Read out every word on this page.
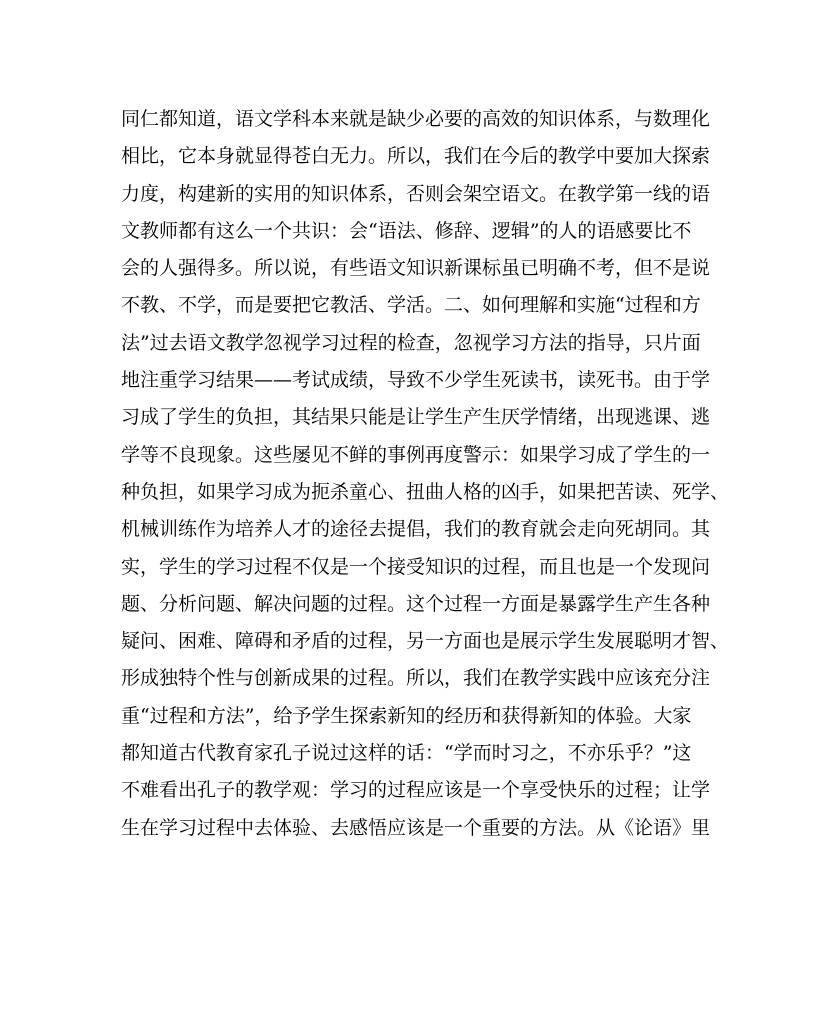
同仁都知道，语文学科本来就是缺少必要的高效的知识体系，与数理化
相比，它本身就显得苍白无力。所以，我们在今后的教学中要加大探索
力度，构建新的实用的知识体系，否则会架空语文。在教学第一线的语
文教师都有这么一个共识：会“语法、修辞、逻辑”的人的语感要比不
会的人强得多。所以说，有些语文知识新课标虽已明确不考，但不是说
不教、不学，而是要把它教活、学活。二、如何理解和实施“过程和方
法”过去语文教学忽视学习过程的检查，忽视学习方法的指导，只片面
地注重学习结果——考试成绩，导致不少学生死读书，读死书。由于学
习成了学生的负担，其结果只能是让学生产生厌学情绪，出现逃课、逃
学等不良现象。这些屡见不鲜的事例再度警示：如果学习成了学生的一
种负担，如果学习成为扼杀童心、扭曲人格的凶手，如果把苦读、死学、
机械训练作为培养人才的途径去提倡，我们的教育就会走向死胡同。其
实，学生的学习过程不仅是一个接受知识的过程，而且也是一个发现问
题、分析问题、解决问题的过程。这个过程一方面是暴露学生产生各种
疑问、困难、障碍和矛盾的过程，另一方面也是展示学生发展聪明才智、
形成独特个性与创新成果的过程。所以，我们在教学实践中应该充分注
重“过程和方法”，给予学生探索新知的经历和获得新知的体验。大家
都知道古代教育家孔子说过这样的话：“学而时习之，不亦乐乎？”这
不难看出孔子的教学观：学习的过程应该是一个享受快乐的过程；让学
生在学习过程中去体验、去感悟应该是一个重要的方法。从《论语》里
